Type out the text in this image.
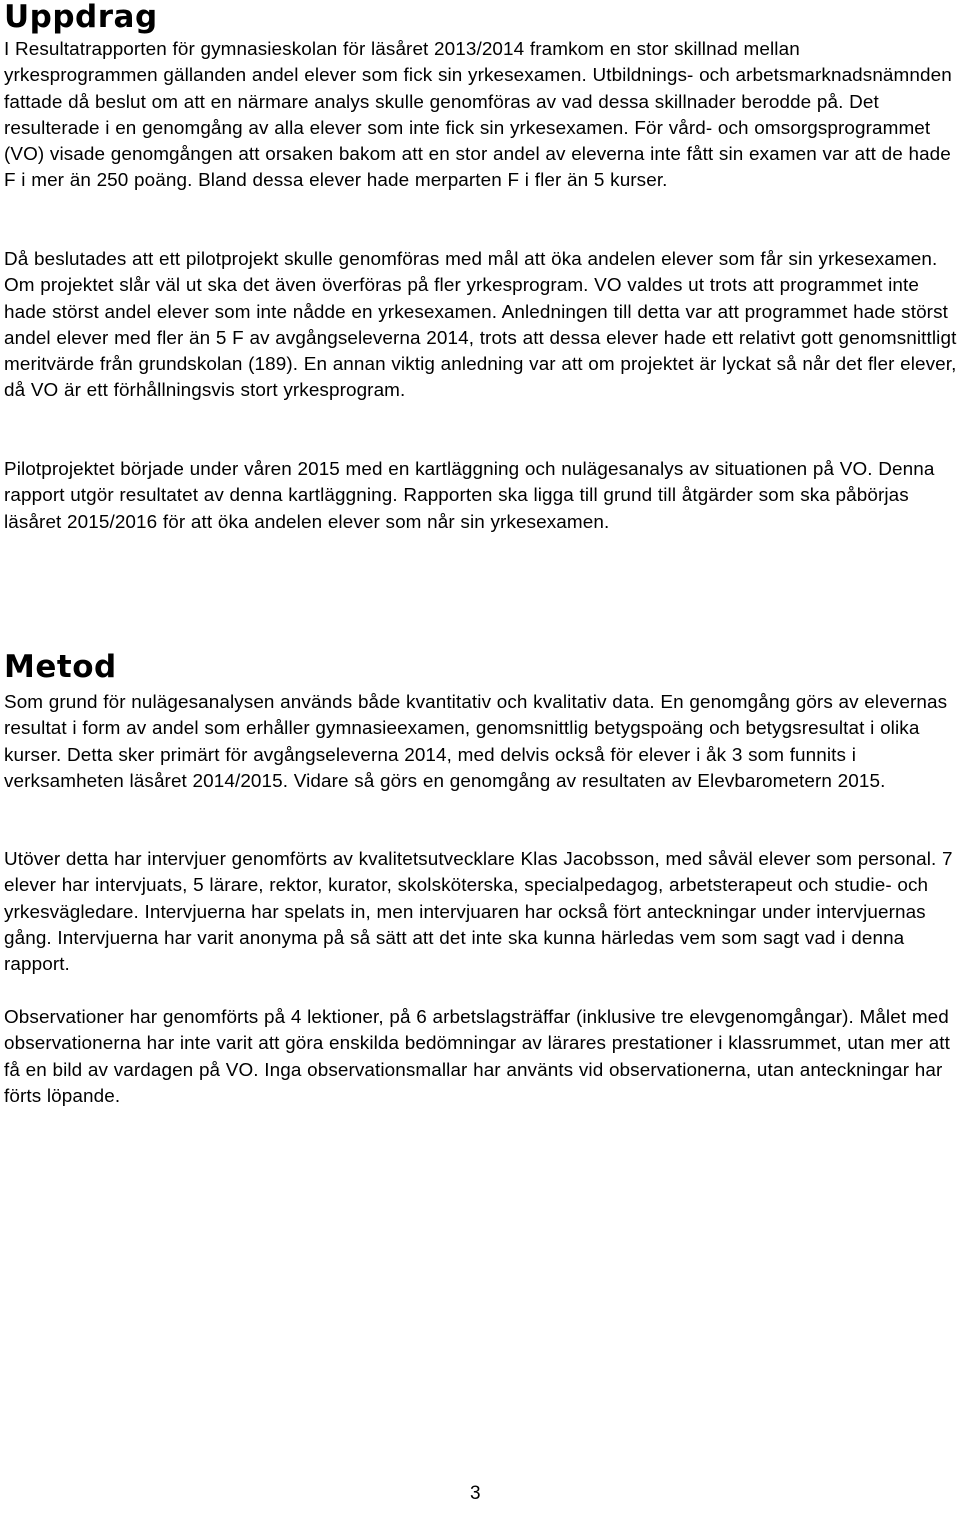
Uppdrag

I Resultatrapporten för gymnasieskolan för läsåret 2013/2014 framkom en stor skillnad mellan yrkesprogrammen gällanden andel elever som fick sin yrkesexamen. Utbildnings- och arbetsmarknadsnämnden fattade då beslut om att en närmare analys skulle genomföras av vad dessa skillnader berodde på. Det resulterade i en genomgång av alla elever som inte fick sin yrkesexamen. För vård- och omsorgsprogrammet (VO) visade genomgången att orsaken bakom att en stor andel av eleverna inte fått sin examen var att de hade F i mer än 250 poäng. Bland dessa elever hade merparten F i fler än 5 kurser.

Då beslutades att ett pilotprojekt skulle genomföras med mål att öka andelen elever som får sin yrkesexamen. Om projektet slår väl ut ska det även överföras på fler yrkesprogram. VO valdes ut trots att programmet inte hade störst andel elever som inte nådde en yrkesexamen. Anledningen till detta var att programmet hade störst andel elever med fler än 5 F av avgångseleverna 2014, trots att dessa elever hade ett relativt gott genomsnittligt meritvärde från grundskolan (189). En annan viktig anledning var att om projektet är lyckat så når det fler elever, då VO är ett förhållningsvis stort yrkesprogram.

Pilotprojektet började under våren 2015 med en kartläggning och nulägesanalys av situationen på VO. Denna rapport utgör resultatet av denna kartläggning. Rapporten ska ligga till grund till åtgärder som ska påbörjas läsåret 2015/2016 för att öka andelen elever som når sin yrkesexamen.

Metod

Som grund för nulägesanalysen används både kvantitativ och kvalitativ data. En genomgång görs av elevernas resultat i form av andel som erhåller gymnasieexamen, genomsnittlig betygspoäng och betygsresultat i olika kurser. Detta sker primärt för avgångseleverna 2014, med delvis också för elever i åk 3 som funnits i verksamheten läsåret 2014/2015. Vidare så görs en genomgång av resultaten av Elevbarometern 2015.

Utöver detta har intervjuer genomförts av kvalitetsutvecklare Klas Jacobsson, med såväl elever som personal. 7 elever har intervjuats, 5 lärare, rektor, kurator, skolsköterska, specialpedagog, arbetsterapeut och studie- och yrkesvägledare. Intervjuerna har spelats in, men intervjuaren har också fört anteckningar under intervjuernas gång. Intervjuerna har varit anonyma på så sätt att det inte ska kunna härledas vem som sagt vad i denna rapport.

Observationer har genomförts på 4 lektioner, på 6 arbetslagsträffar (inklusive tre elevgenomgångar). Målet med observationerna har inte varit att göra enskilda bedömningar av lärares prestationer i klassrummet, utan mer att få en bild av vardagen på VO. Inga observationsmallar har använts vid observationerna, utan anteckningar har förts löpande.

3
